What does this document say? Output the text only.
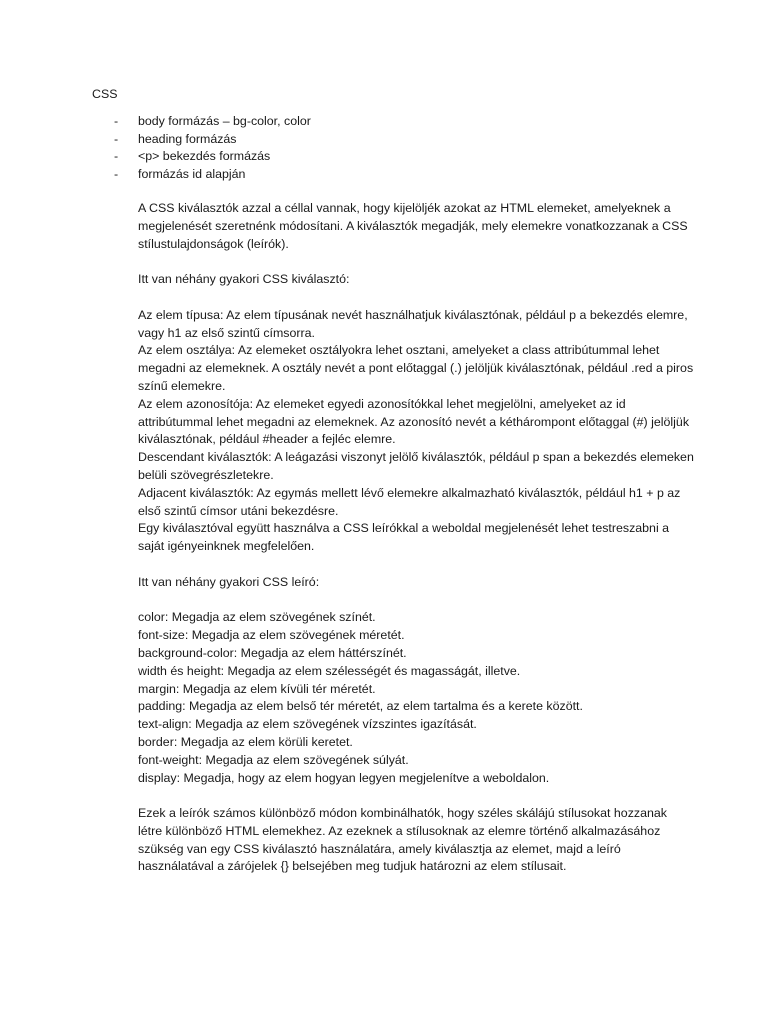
CSS
- body formázás – bg-color, color
- heading formázás
- <p> bekezdés formázás
- formázás id alapján

A CSS kiválasztók azzal a céllal vannak, hogy kijelöljék azokat az HTML elemeket, amelyeknek a megjelenését szeretnénk módosítani. A kiválasztók megadják, mely elemekre vonatkozzanak a CSS stílustulajdonságok (leírók).

Itt van néhány gyakori CSS kiválasztó:

Az elem típusa: Az elem típusának nevét használhatjuk kiválasztónak, például p a bekezdés elemre, vagy h1 az első szintű címsorra.

Az elem osztálya: Az elemeket osztályokra lehet osztani, amelyeket a class attribútummal lehet megadni az elemeknek. A osztály nevét a pont előtaggal (.) jelöljük kiválasztónak, például .red a piros színű elemekre.

Az elem azonosítója: Az elemeket egyedi azonosítókkal lehet megjelölni, amelyeket az id attribútummal lehet megadni az elemeknek. Az azonosító nevét a kéthárompont előtaggal (#) jelöljük kiválasztónak, például #header a fejléc elemre.

Descendant kiválasztók: A leágazási viszonyt jelölő kiválasztók, például p span a bekezdés elemeken belüli szövegrészletekre.

Adjacent kiválasztók: Az egymás mellett lévő elemekre alkalmazható kiválasztók, például h1 + p az első szintű címsor utáni bekezdésre.

Egy kiválasztóval együtt használva a CSS leírókkal a weboldal megjelenését lehet testreszabni a saját igényeinknek megfelelően.

Itt van néhány gyakori CSS leíró:

color: Megadja az elem szövegének színét.

font-size: Megadja az elem szövegének méretét.

background-color: Megadja az elem háttérszínét.

width és height: Megadja az elem szélességét és magasságát, illetve.

margin: Megadja az elem kívüli tér méretét.

padding: Megadja az elem belső tér méretét, az elem tartalma és a kerete között.

text-align: Megadja az elem szövegének vízszintes igazítását.

border: Megadja az elem körüli keretet.

font-weight: Megadja az elem szövegének súlyát.

display: Megadja, hogy az elem hogyan legyen megjelenítve a weboldalon.

Ezek a leírók számos különböző módon kombinálhatók, hogy széles skálájú stílusokat hozzanak létre különböző HTML elemekhez. Az ezeknek a stílusoknak az elemre történő alkalmazásához szükség van egy CSS kiválasztó használatára, amely kiválasztja az elemet, majd a leíró használatával a zárójelek {} belsejében meg tudjuk határozni az elem stílusait.
